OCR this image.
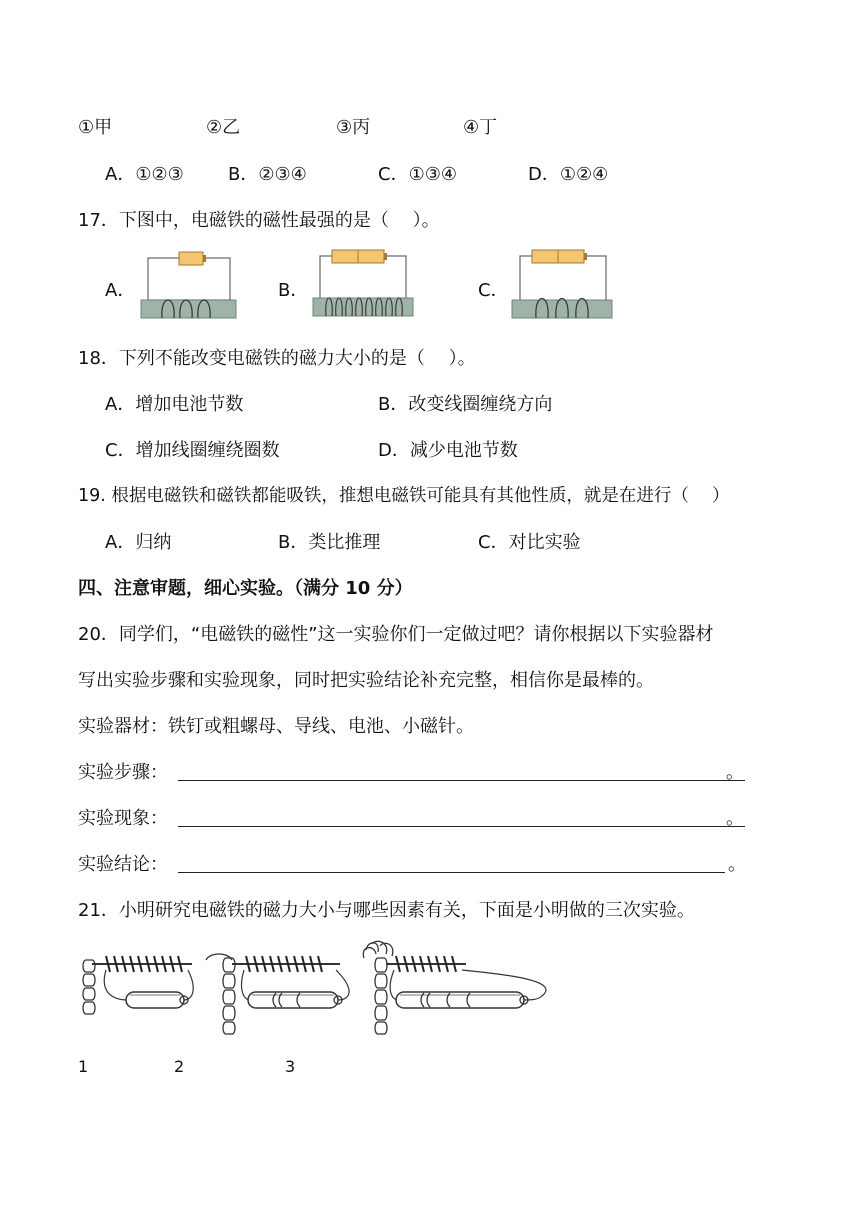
①甲	②乙	③丙	④丁
A．①②③ B．②③④	C．①③④	D．①②④
17．下图中，电磁铁的磁性最强的是（　 ）。
A．	B．	C．
18．下列不能改变电磁铁的磁力大小的是（　 ）。
A．增加电池节数	B．改变线圈缠绕方向
C．增加线圈缠绕圈数	D．减少电池节数
19. 根据电磁铁和磁铁都能吸铁，推想电磁铁可能具有其他性质，就是在进行（　 ）
A．归纳	B．类比推理	C．对比实验
四、注意审题，细心实验。（满分 10 分）
20．同学们，“电磁铁的磁性”这一实验你们一定做过吧？请你根据以下实验器材
写出实验步骤和实验现象，同时把实验结论补充完整，相信你是最棒的。
实验器材：铁钉或粗螺母、导线、电池、小磁针。
实验步骤：	。
实验现象：	。
实验结论：	。
21．小明研究电磁铁的磁力大小与哪些因素有关，下面是小明做的三次实验。
1	2	3
